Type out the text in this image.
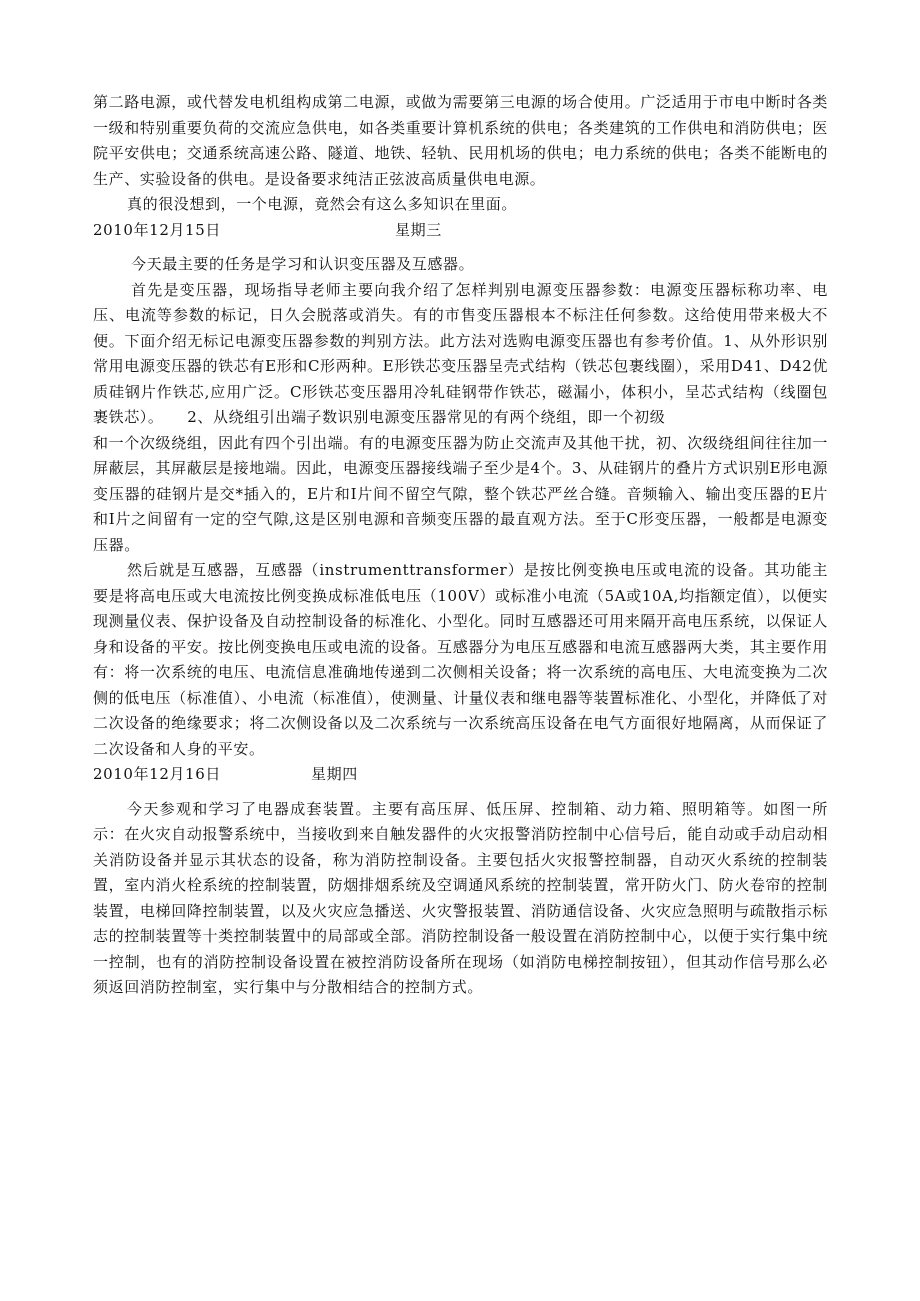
第二路电源，或代替发电机组构成第二电源，或做为需要第三电源的场合使用。广泛适用于市电中断时各类一级和特别重要负荷的交流应急供电，如各类重要计算机系统的供电；各类建筑的工作供电和消防供电；医院平安供电；交通系统高速公路、隧道、地铁、轻轨、民用机场的供电；电力系统的供电；各类不能断电的生产、实验设备的供电。是设备要求纯洁正弦波高质量供电电源。

真的很没想到，一个电源，竟然会有这么多知识在里面。

2010年12月15日	星期三

今天最主要的任务是学习和认识变压器及互感器。

首先是变压器，现场指导老师主要向我介绍了怎样判别电源变压器参数：电源变压器标称功率、电压、电流等参数的标记，日久会脱落或消失。有的市售变压器根本不标注任何参数。这给使用带来极大不便。下面介绍无标记电源变压器参数的判别方法。此方法对选购电源变压器也有参考价值。1、从外形识别常用电源变压器的铁芯有E形和C形两种。E形铁芯变压器呈壳式结构（铁芯包裹线圈），采用D41、D42优质硅钢片作铁芯,应用广泛。C形铁芯变压器用冷轧硅钢带作铁芯，磁漏小，体积小，呈芯式结构（线圈包裹铁芯）。　　2、从绕组引出端子数识别电源变压器常见的有两个绕组，即一个初级

和一个次级绕组，因此有四个引出端。有的电源变压器为防止交流声及其他干扰，初、次级绕组间往往加一屏蔽层，其屏蔽层是接地端。因此，电源变压器接线端子至少是4个。3、从硅钢片的叠片方式识别E形电源变压器的硅钢片是交*插入的，E片和I片间不留空气隙，整个铁芯严丝合缝。音频输入、输出变压器的E片和I片之间留有一定的空气隙,这是区别电源和音频变压器的最直观方法。至于C形变压器，一般都是电源变压器。

然后就是互感器，互感器（instrumenttransformer）是按比例变换电压或电流的设备。其功能主要是将高电压或大电流按比例变换成标准低电压（100V）或标准小电流（5A或10A,均指额定值），以便实现测量仪表、保护设备及自动控制设备的标准化、小型化。同时互感器还可用来隔开高电压系统，以保证人身和设备的平安。按比例变换电压或电流的设备。互感器分为电压互感器和电流互感器两大类，其主要作用有：将一次系统的电压、电流信息准确地传递到二次侧相关设备；将一次系统的高电压、大电流变换为二次侧的低电压（标准值）、小电流（标准值），使测量、计量仪表和继电器等装置标准化、小型化，并降低了对二次设备的绝缘要求；将二次侧设备以及二次系统与一次系统高压设备在电气方面很好地隔离，从而保证了二次设备和人身的平安。

2010年12月16日	星期四

今天参观和学习了电器成套装置。主要有高压屏、低压屏、控制箱、动力箱、照明箱等。如图一所示：在火灾自动报警系统中，当接收到来自触发器件的火灾报警消防控制中心信号后，能自动或手动启动相关消防设备并显示其状态的设备，称为消防控制设备。主要包括火灾报警控制器，自动灭火系统的控制装置，室内消火栓系统的控制装置，防烟排烟系统及空调通风系统的控制装置，常开防火门、防火卷帘的控制装置，电梯回降控制装置，以及火灾应急播送、火灾警报装置、消防通信设备、火灾应急照明与疏散指示标志的控制装置等十类控制装置中的局部或全部。消防控制设备一般设置在消防控制中心，以便于实行集中统一控制，也有的消防控制设备设置在被控消防设备所在现场（如消防电梯控制按钮），但其动作信号那么必须返回消防控制室，实行集中与分散相结合的控制方式。
